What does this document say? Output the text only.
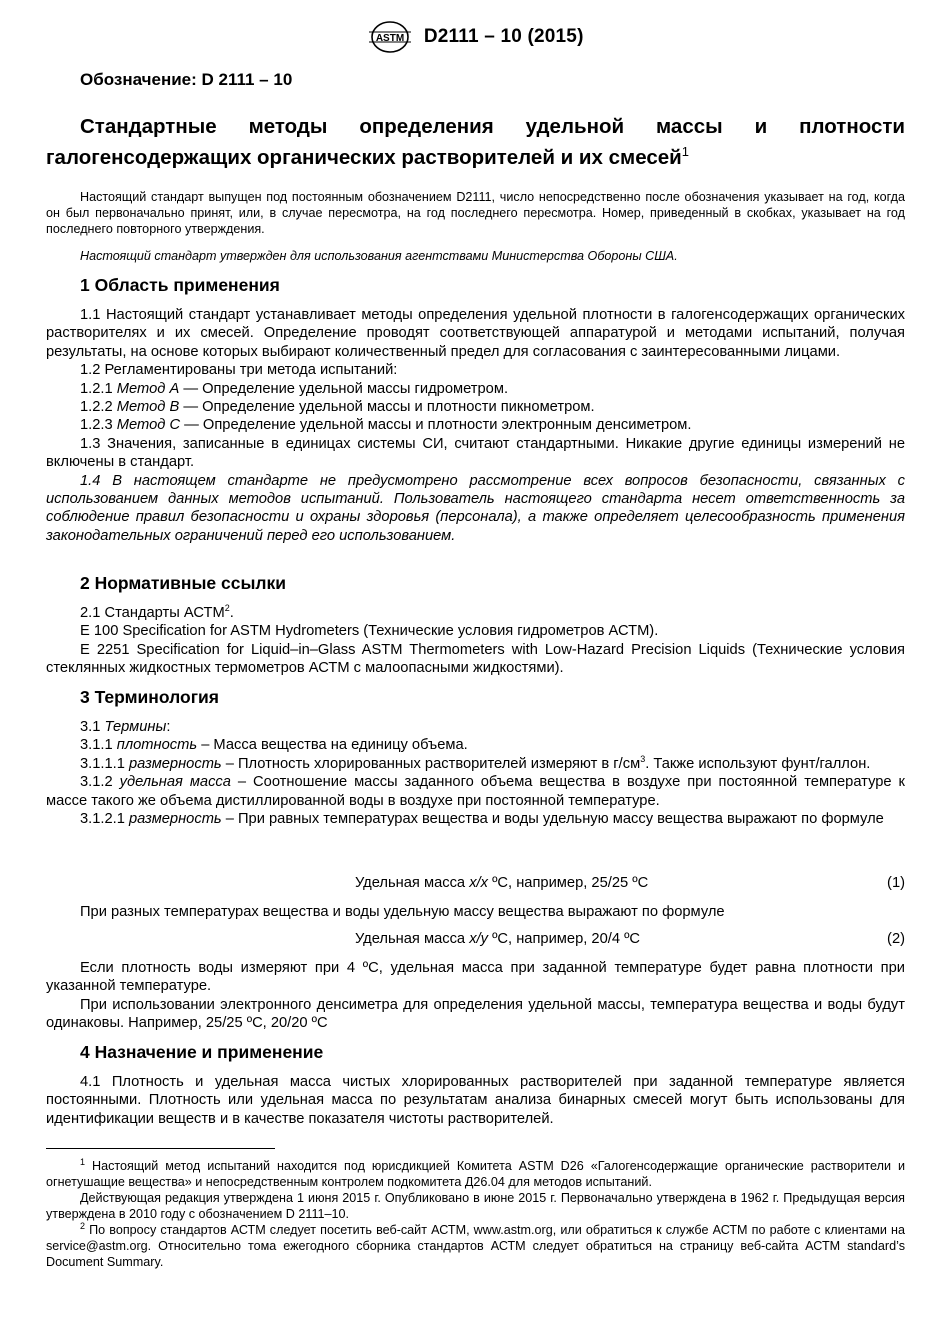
ASTM D2111 – 10 (2015)
Обозначение: D 2111 – 10
Стандартные методы определения удельной массы и плотности
галогенсодержащих органических растворителей и их смесей$^1$

Настоящий стандарт выпущен под постоянным обозначением D2111, число непосредственно после обозначения указывает на год, когда он был первоначально принят, или, в случае пересмотра, на год последнего пересмотра. Номер, приведенный в скобках, указывает на год последнего повторного утверждения.

Настоящий стандарт утвержден для использования агентствами Министерства Обороны США.

1 Область применения

1.1 Настоящий стандарт устанавливает методы определения удельной плотности в галогенсодержащих органических растворителях и их смесей. Определение проводят соответствующей аппаратурой и методами испытаний, получая результаты, на основе которых выбирают количественный предел для согласования с заинтересованными лицами.

1.2 Регламентированы три метода испытаний:

1.2.1 Метод А — Определение удельной массы гидрометром.

1.2.2 Метод В — Определение удельной массы и плотности пикнометром.

1.2.3 Метод С — Определение удельной массы и плотности электронным денсиметром.

1.3 Значения, записанные в единицах системы СИ, считают стандартными. Никакие другие единицы измерений не включены в стандарт.

1.4 В настоящем стандарте не предусмотрено рассмотрение всех вопросов безопасности, связанных с использованием данных методов испытаний. Пользователь настоящего стандарта несет ответственность за соблюдение правил безопасности и охраны здоровья (персонала), а также определяет целесообразность применения законодательных ограничений перед его использованием.

2 Нормативные ссылки

2.1 Стандарты АСТМ$^2$.

E 100 Specification for ASTM Hydrometers (Технические условия гидрометров АСТМ).

E 2251 Specification for Liquid–in–Glass ASTM Thermometers with Low-Hazard Precision Liquids (Технические условия стеклянных жидкостных термометров АСТМ с малоопасными жидкостями).

3 Терминология

3.1 Термины:

3.1.1 плотность – Масса вещества на единицу объема.

3.1.1.1 размерность – Плотность хлорированных растворителей измеряют в $г/см^3$. Также используют фунт/галлон.

3.1.2 удельная масса – Соотношение массы заданного объема вещества в воздухе при постоянной температуре к массе такого же объема дистиллированной воды в воздухе при постоянной температуре.

3.1.2.1 размерность – При равных температурах вещества и воды удельную массу вещества выражают по формуле

Удельная масса x/x ºС, например, 25/25 ºС	(1)

При разных температурах вещества и воды удельную массу вещества выражают по формуле

Удельная масса x/y ºС, например, 20/4 ºС	(2)

Если плотность воды измеряют при 4 ºС, удельная масса при заданной температуре будет равна плотности при указанной температуре.

При использовании электронного денсиметра для определения удельной массы, температура вещества и воды будут одинаковы. Например, 25/25 ºС, 20/20 ºС

4 Назначение и применение

4.1 Плотность и удельная масса чистых хлорированных растворителей при заданной температуре является постоянными. Плотность или удельная масса по результатам анализа бинарных смесей могут быть использованы для идентификации веществ и в качестве показателя чистоты растворителей.

$^1$ Настоящий метод испытаний находится под юрисдикцией Комитета ASTM D26 «Галогенсодержащие органические растворители и огнетушащие вещества» и непосредственным контролем подкомитета Д26.04 для методов испытаний.

Действующая редакция утверждена 1 июня 2015 г. Опубликовано в июне 2015 г. Первоначально утверждена в 1962 г. Предыдущая версия утверждена в 2010 году с обозначением D 2111–10.

$^2$ По вопросу стандартов АСТМ следует посетить веб-сайт АСТМ, www.astm.org, или обратиться к службе АСТМ по работе с клиентами на service@astm.org. Относительно тома ежегодного сборника стандартов АСТМ следует обратиться на страницу веб-сайта АСТМ standard’s Document Summary.
